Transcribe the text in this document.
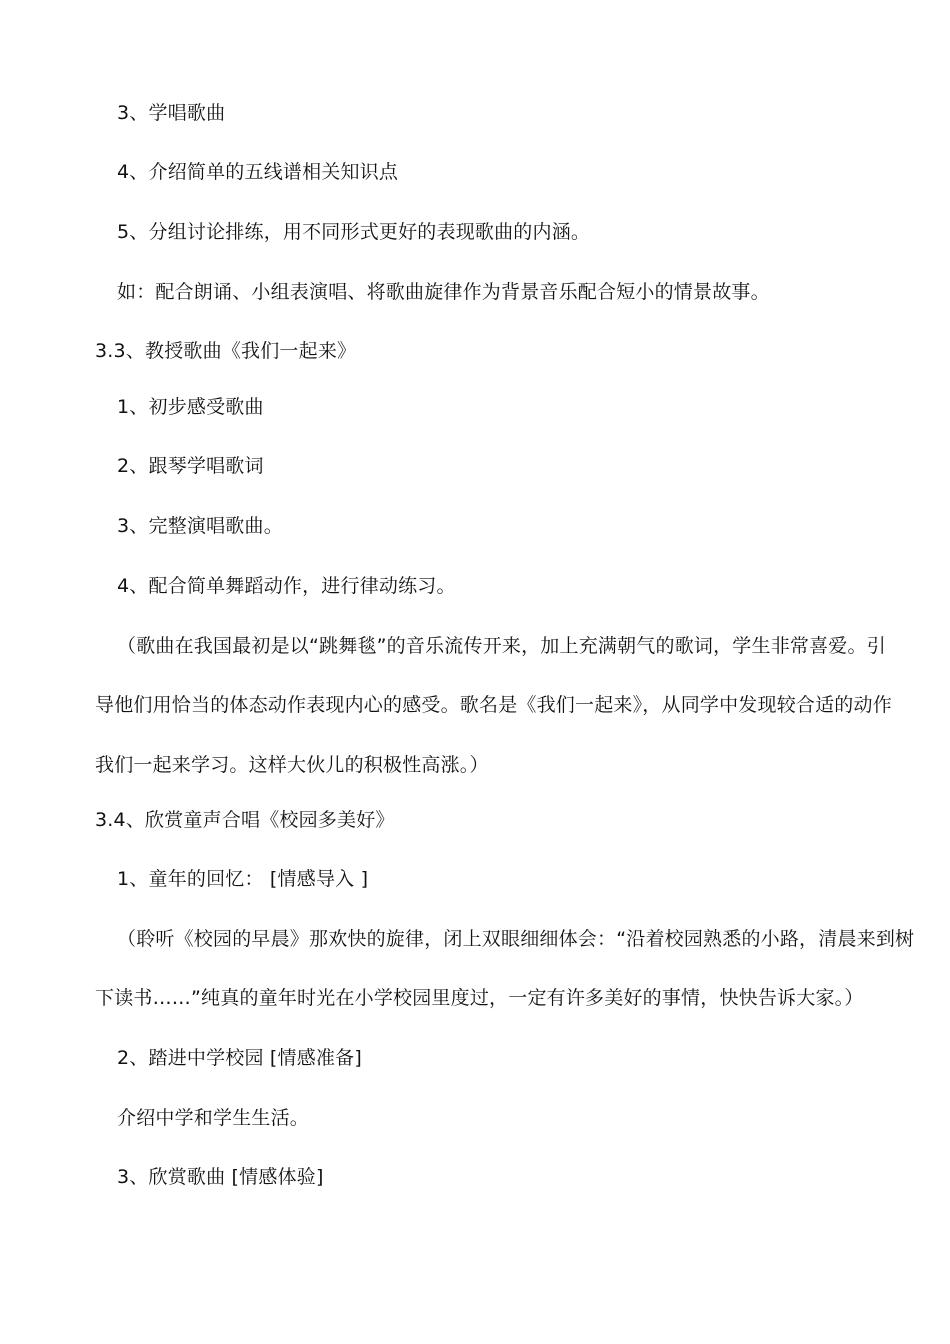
3、学唱歌曲
4、介绍简单的五线谱相关知识点
5、分组讨论排练，用不同形式更好的表现歌曲的内涵。
如：配合朗诵、小组表演唱、将歌曲旋律作为背景音乐配合短小的情景故事。
3.3、教授歌曲《我们一起来》
1、初步感受歌曲
2、跟琴学唱歌词
3、完整演唱歌曲。
4、配合简单舞蹈动作，进行律动练习。
（歌曲在我国最初是以“跳舞毯”的音乐流传开来，加上充满朝气的歌词，学生非常喜爱。引
导他们用恰当的体态动作表现内心的感受。歌名是《我们一起来》，从同学中发现较合适的动作
我们一起来学习。这样大伙儿的积极性高涨。）
3.4、欣赏童声合唱《校园多美好》
1、童年的回忆： [情感导入 ]
（聆听《校园的早晨》那欢快的旋律，闭上双眼细细体会：“沿着校园熟悉的小路，清晨来到树
下读书……”纯真的童年时光在小学校园里度过，一定有许多美好的事情，快快告诉大家。）
2、踏进中学校园 [情感准备]
介绍中学和学生生活。
3、欣赏歌曲 [情感体验]
